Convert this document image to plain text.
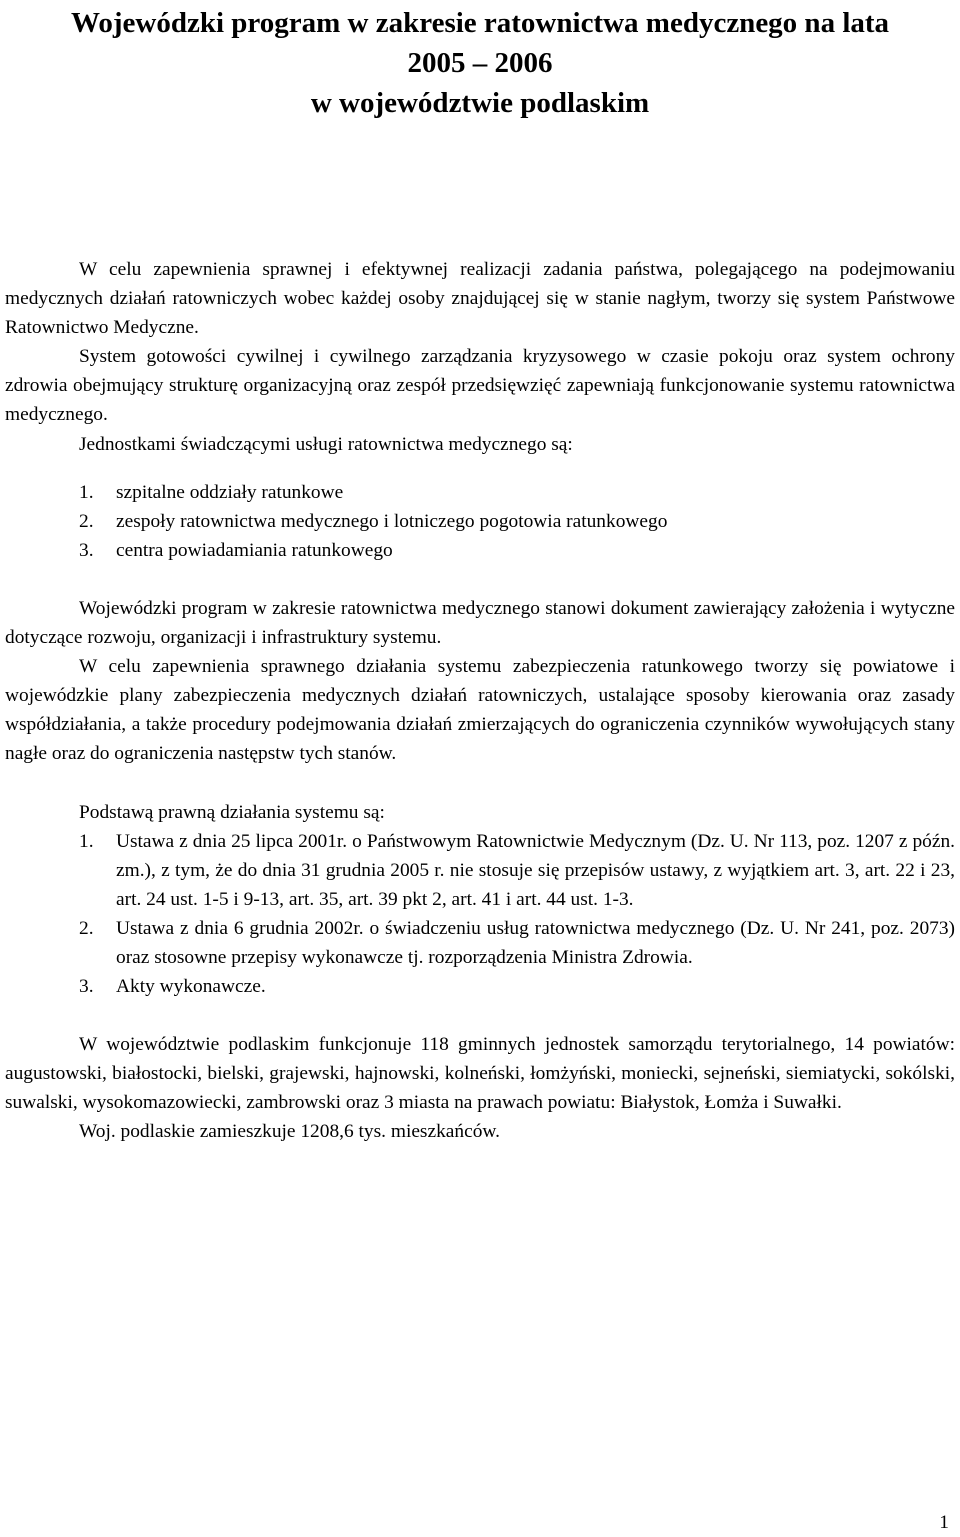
Wojewódzki program w zakresie ratownictwa medycznego na lata
2005 – 2006
w województwie podlaskim

W celu zapewnienia sprawnej i efektywnej realizacji zadania państwa, polegającego na podejmowaniu medycznych działań ratowniczych wobec każdej osoby znajdującej się w stanie nagłym, tworzy się system Państwowe Ratownictwo Medyczne.

System gotowości cywilnej i cywilnego zarządzania kryzysowego w czasie pokoju oraz system ochrony zdrowia obejmujący strukturę organizacyjną oraz zespół przedsięwzięć zapewniają funkcjonowanie systemu ratownictwa medycznego.

Jednostkami świadczącymi usługi ratownictwa medycznego są:

1. szpitalne oddziały ratunkowe
2. zespoły ratownictwa medycznego i lotniczego pogotowia ratunkowego
3. centra powiadamiania ratunkowego

Wojewódzki program w zakresie ratownictwa medycznego stanowi dokument zawierający założenia i wytyczne dotyczące rozwoju, organizacji i infrastruktury systemu.

W celu zapewnienia sprawnego działania systemu zabezpieczenia ratunkowego tworzy się powiatowe i wojewódzkie plany zabezpieczenia medycznych działań ratowniczych, ustalające sposoby kierowania oraz zasady współdziałania, a także procedury podejmowania działań zmierzających do ograniczenia czynników wywołujących stany nagłe oraz do ograniczenia następstw tych stanów.

Podstawą prawną działania systemu są:

1. Ustawa z dnia 25 lipca 2001r. o Państwowym Ratownictwie Medycznym (Dz. U. Nr 113, poz. 1207 z późn. zm.), z tym, że do dnia 31 grudnia 2005 r. nie stosuje się przepisów ustawy, z wyjątkiem art. 3, art. 22 i 23, art. 24 ust. 1-5 i 9-13, art. 35, art. 39 pkt 2, art. 41 i art. 44 ust. 1-3.
2. Ustawa z dnia 6 grudnia 2002r. o świadczeniu usług ratownictwa medycznego (Dz. U. Nr 241, poz. 2073) oraz stosowne przepisy wykonawcze tj. rozporządzenia Ministra Zdrowia.
3. Akty wykonawcze.

W województwie podlaskim funkcjonuje 118 gminnych jednostek samorządu terytorialnego, 14 powiatów: augustowski, białostocki, bielski, grajewski, hajnowski, kolneński, łomżyński, moniecki, sejneński, siemiatycki, sokólski, suwalski, wysokomazowiecki, zambrowski oraz 3 miasta na prawach powiatu: Białystok, Łomża i Suwałki.

Woj. podlaskie zamieszkuje 1208,6 tys. mieszkańców.

1
